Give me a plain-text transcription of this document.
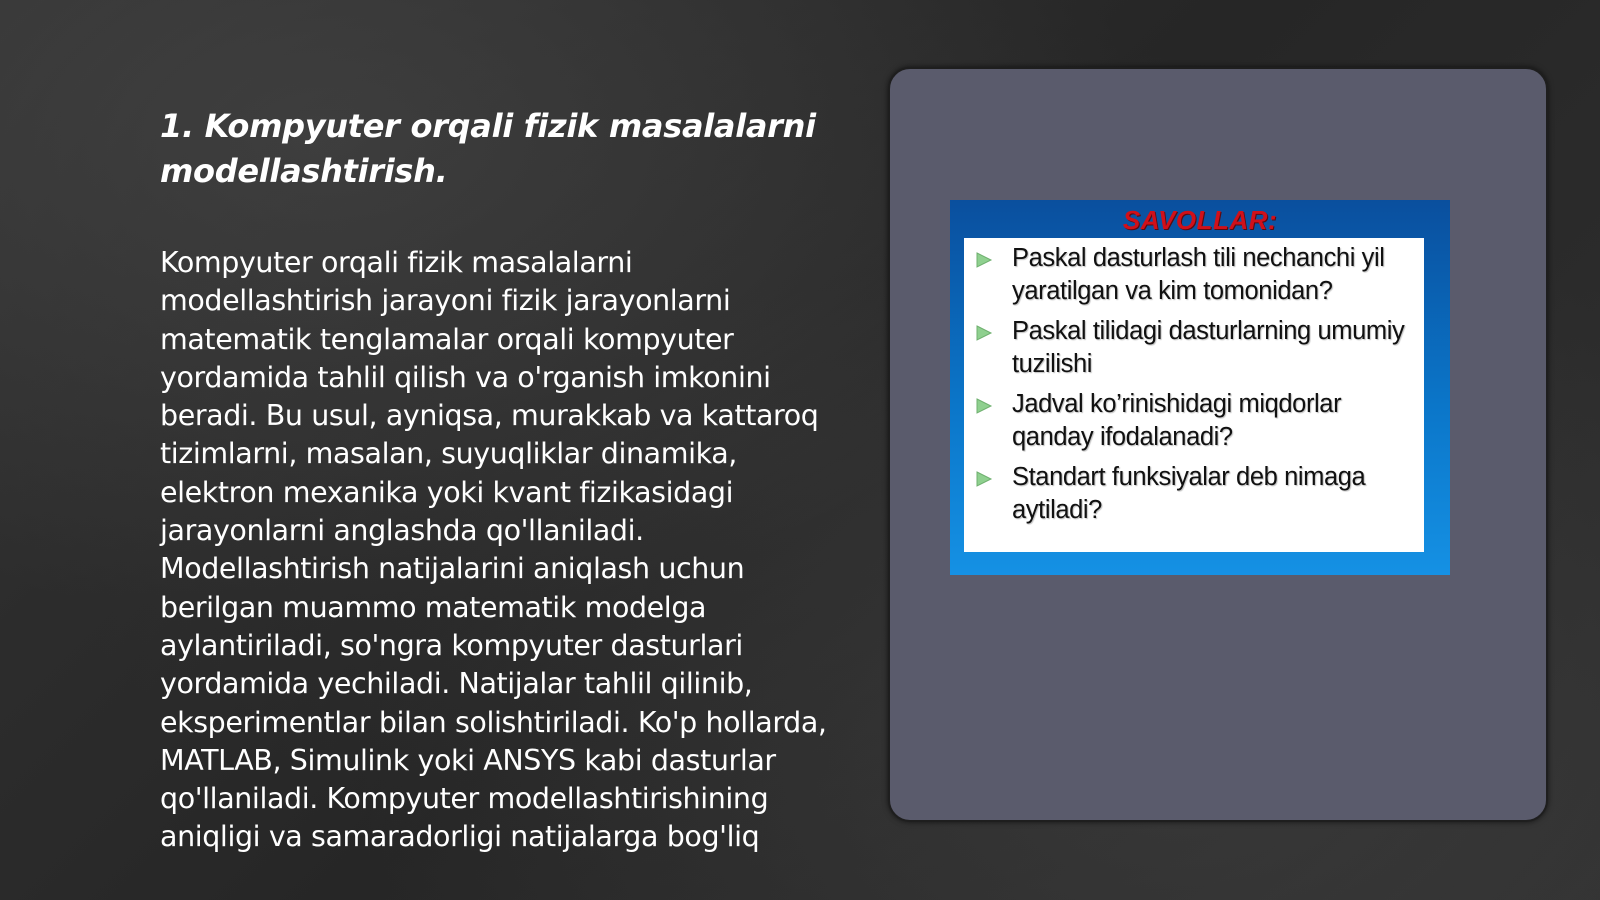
1. Kompyuter orqali fizik masalalarni modellashtirish.

Kompyuter orqali fizik masalalarni modellashtirish jarayoni fizik jarayonlarni matematik tenglamalar orqali kompyuter yordamida tahlil qilish va o'rganish imkonini beradi. Bu usul, ayniqsa, murakkab va kattaroq tizimlarni, masalan, suyuqliklar dinamika, elektron mexanika yoki kvant fizikasidagi jarayonlarni anglashda qo'llaniladi. Modellashtirish natijalarini aniqlash uchun berilgan muammo matematik modelga aylantiriladi, so'ngra kompyuter dasturlari yordamida yechiladi. Natijalar tahlil qilinib, eksperimentlar bilan solishtiriladi. Ko'p hollarda, MATLAB, Simulink yoki ANSYS kabi dasturlar qo'llaniladi. Kompyuter modellashtirishining aniqligi va samaradorligi natijalarga bog'liq

SAVOLLAR:
Paskal dasturlash tili nechanchi yil yaratilgan va kim tomonidan?
Paskal tilidagi dasturlarning umumiy tuzilishi
Jadval ko’rinishidagi miqdorlar qanday ifodalanadi?
Standart funksiyalar deb nimaga aytiladi?
